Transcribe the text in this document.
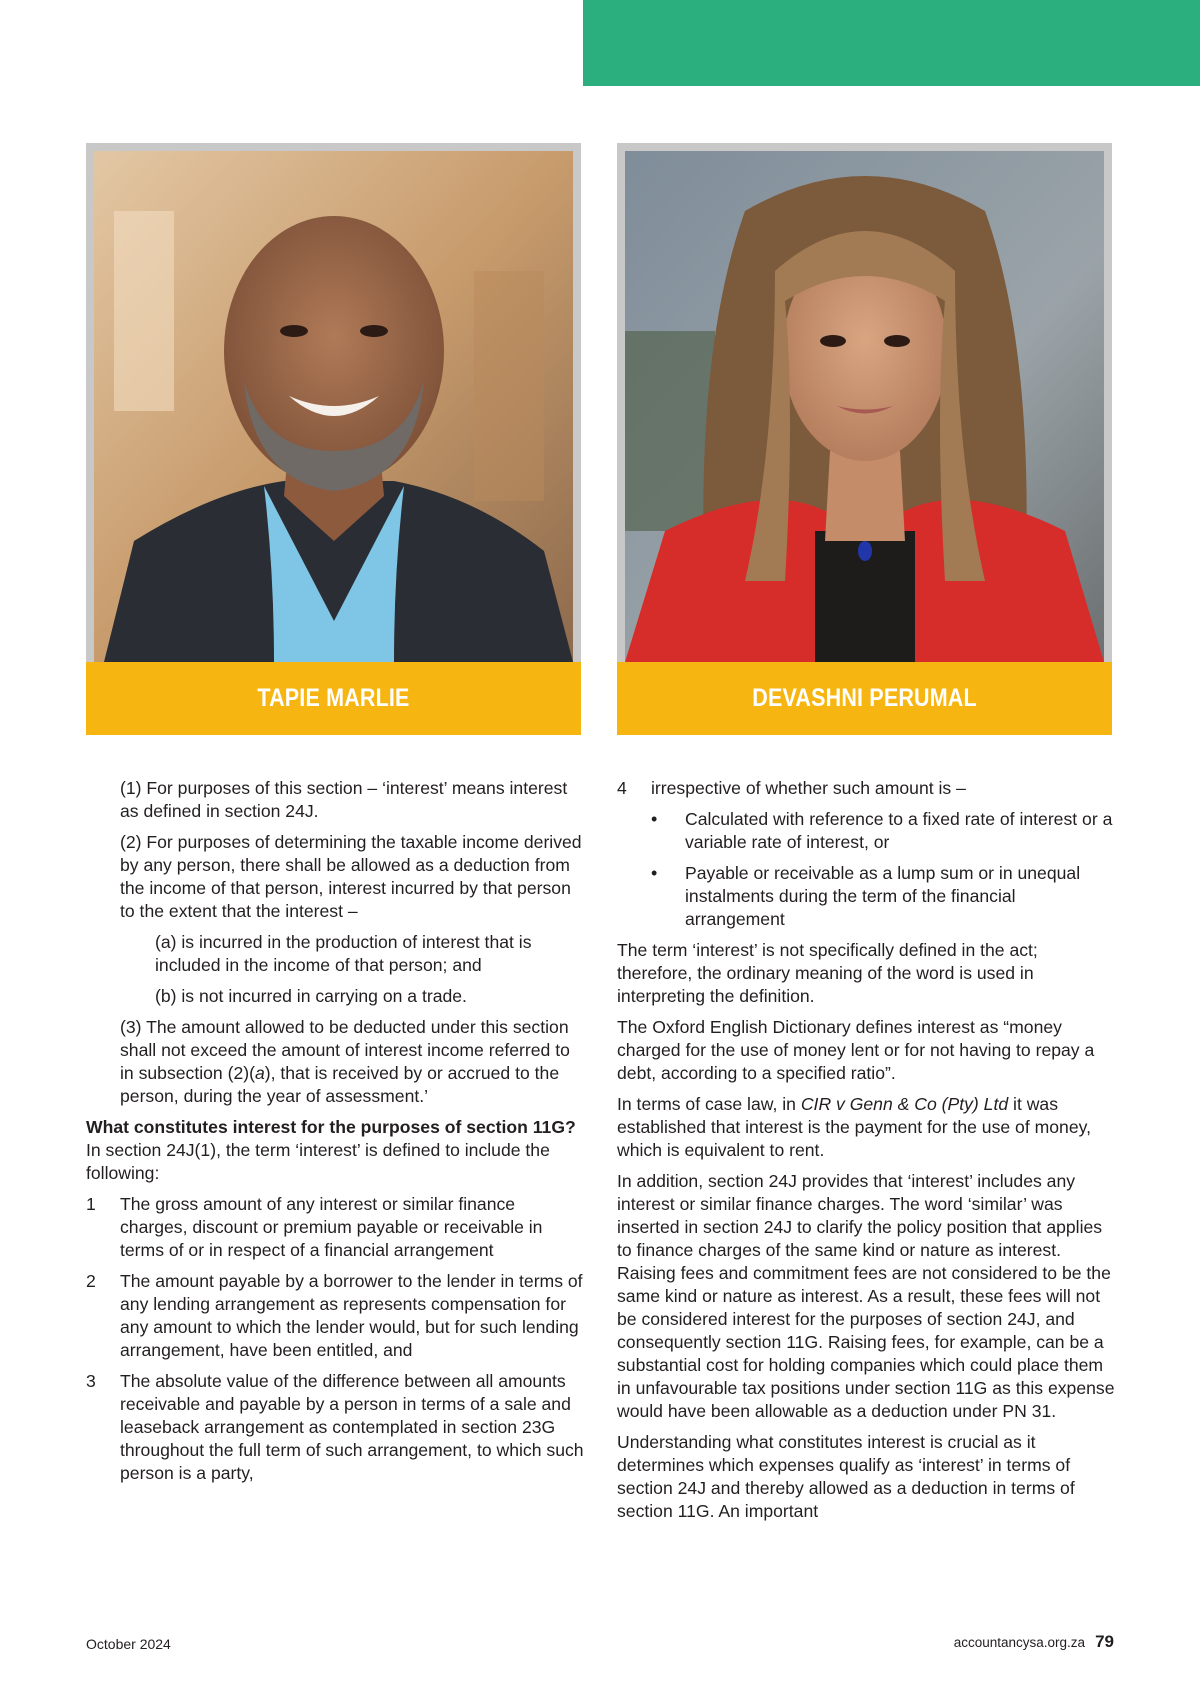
TAPIE MARLIE	DEVASHNI PERUMAL

(1) For purposes of this section – ‘interest’ means interest as defined in section 24J.

(2) For purposes of determining the taxable income derived by any person, there shall be allowed as a deduction from the income of that person, interest incurred by that person to the extent that the interest –

(a) is incurred in the production of interest that is included in the income of that person; and

(b) is not incurred in carrying on a trade.

(3) The amount allowed to be deducted under this section shall not exceed the amount of interest income referred to in subsection (2)(a), that is received by or accrued to the person, during the year of assessment.’

What constitutes interest for the purposes of section 11G?

In section 24J(1), the term ‘interest’ is defined to include the following:

1	The gross amount of any interest or similar finance charges, discount or premium payable or receivable in terms of or in respect of a financial arrangement
2	The amount payable by a borrower to the lender in terms of any lending arrangement as represents compensation for any amount to which the lender would, but for such lending arrangement, have been entitled, and
3	The absolute value of the difference between all amounts receivable and payable by a person in terms of a sale and leaseback arrangement as contemplated in section 23G throughout the full term of such arrangement, to which such person is a party,
4	irrespective of whether such amount is –
•	Calculated with reference to a fixed rate of interest or a variable rate of interest, or
•	Payable or receivable as a lump sum or in unequal instalments during the term of the financial arrangement

The term ‘interest’ is not specifically defined in the act; therefore, the ordinary meaning of the word is used in interpreting the definition.

The Oxford English Dictionary defines interest as “money charged for the use of money lent or for not having to repay a debt, according to a specified ratio”.

In terms of case law, in CIR v Genn & Co (Pty) Ltd it was established that interest is the payment for the use of money, which is equivalent to rent.

In addition, section 24J provides that ‘interest’ includes any interest or similar finance charges. The word ‘similar’ was inserted in section 24J to clarify the policy position that applies to finance charges of the same kind or nature as interest. Raising fees and commitment fees are not considered to be the same kind or nature as interest. As a result, these fees will not be considered interest for the purposes of section 24J, and consequently section 11G. Raising fees, for example, can be a substantial cost for holding companies which could place them in unfavourable tax positions under section 11G as this expense would have been allowable as a deduction under PN 31.

Understanding what constitutes interest is crucial as it determines which expenses qualify as ‘interest’ in terms of section 24J and thereby allowed as a deduction in terms of section 11G. An important

October 2024	accountancysa.org.za 79
